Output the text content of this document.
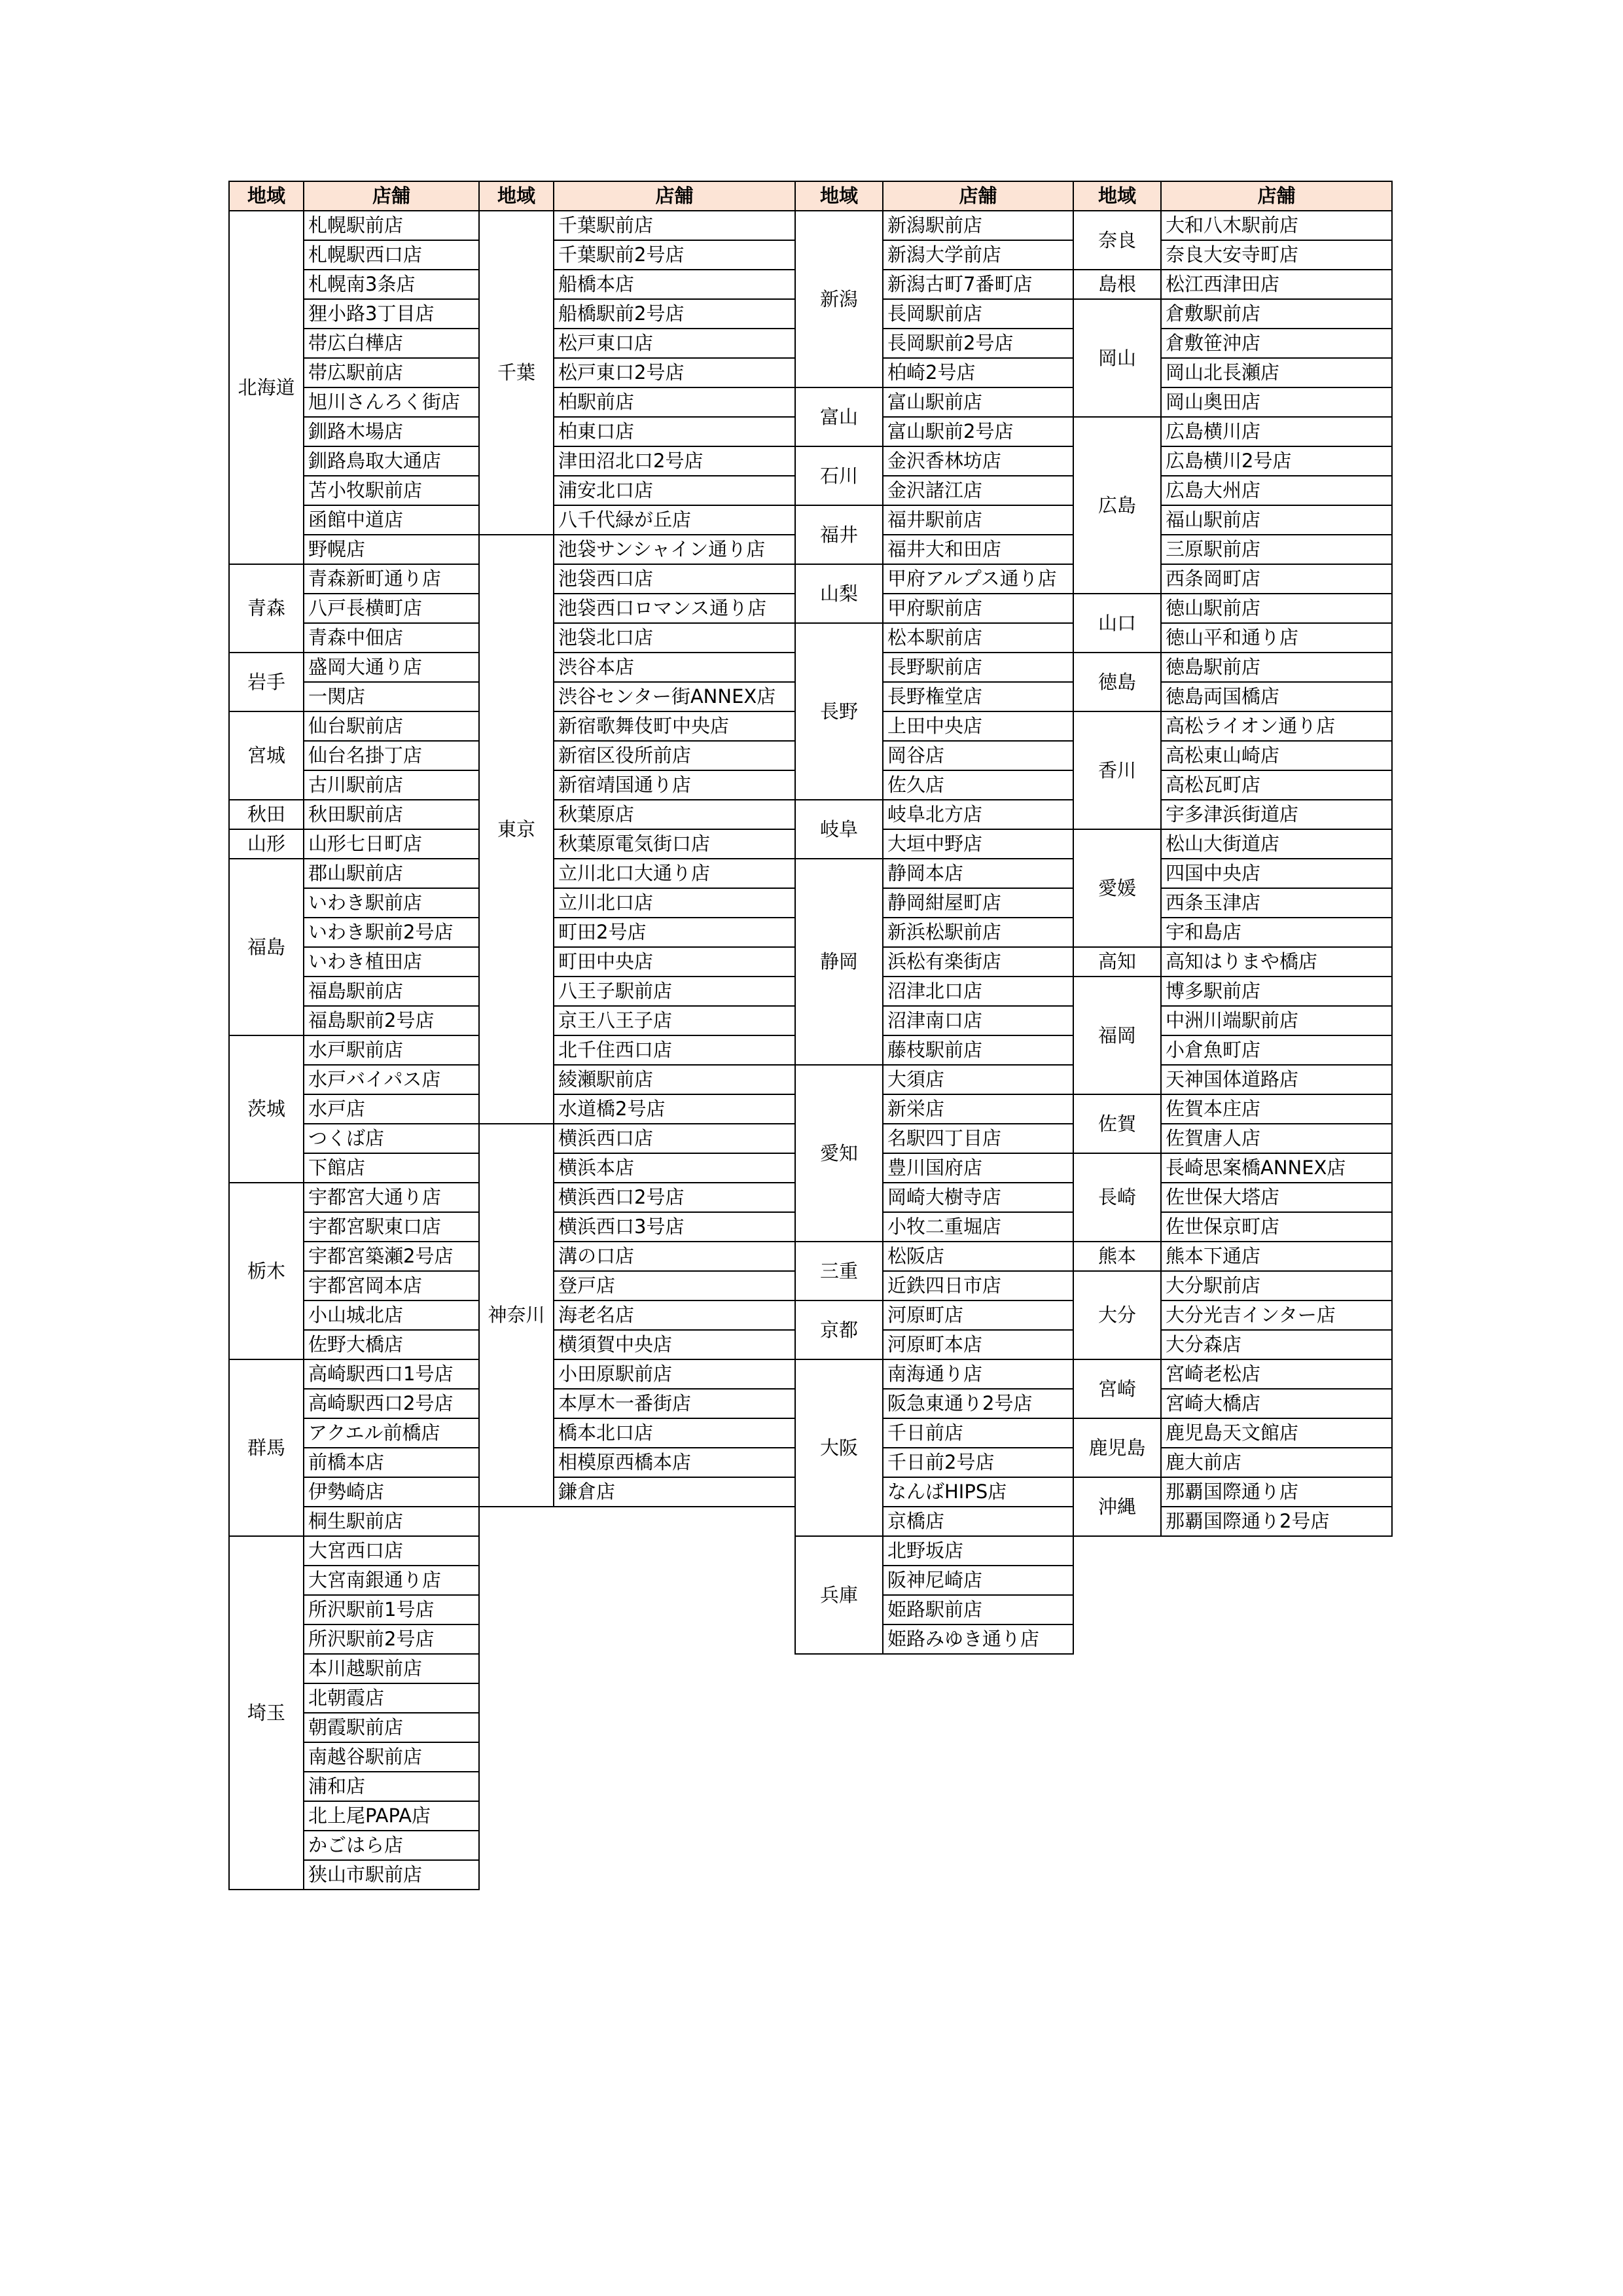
地域	店舗
北海道	札幌駅前店
	札幌駅西口店
	札幌南3条店
	狸小路3丁目店
	帯広白樺店
	帯広駅前店
	旭川さんろく街店
	釧路木場店
	釧路鳥取大通店
	苫小牧駅前店
	函館中道店
	野幌店
青森	青森新町通り店
	八戸長横町店
	青森中佃店
岩手	盛岡大通り店
	一関店
宮城	仙台駅前店
	仙台名掛丁店
	古川駅前店
秋田	秋田駅前店
山形	山形七日町店
福島	郡山駅前店
	いわき駅前店
	いわき駅前2号店
	いわき植田店
	福島駅前店
	福島駅前2号店
茨城	水戸駅前店
	水戸バイパス店
	水戸店
	つくば店
	下館店
栃木	宇都宮大通り店
	宇都宮駅東口店
	宇都宮築瀬2号店
	宇都宮岡本店
	小山城北店
	佐野大橋店
群馬	高崎駅西口1号店
	高崎駅西口2号店
	アクエル前橋店
	前橋本店
	伊勢崎店
	桐生駅前店
埼玉	大宮西口店
	大宮南銀通り店
	所沢駅前1号店
	所沢駅前2号店
	本川越駅前店
	北朝霞店
	朝霞駅前店
	南越谷駅前店
	浦和店
	北上尾PAPA店
	かごはら店
	狭山市駅前店
地域	店舗
千葉	千葉駅前店
	千葉駅前2号店
	船橋本店
	船橋駅前2号店
	松戸東口店
	松戸東口2号店
	柏駅前店
	柏東口店
	津田沼北口2号店
	浦安北口店
	八千代緑が丘店
東京	池袋サンシャイン通り店
	池袋西口店
	池袋西口ロマンス通り店
	池袋北口店
	渋谷本店
	渋谷センター街ANNEX店
	新宿歌舞伎町中央店
	新宿区役所前店
	新宿靖国通り店
	秋葉原店
	秋葉原電気街口店
	立川北口大通り店
	立川北口店
	町田2号店
	町田中央店
	八王子駅前店
	京王八王子店
	北千住西口店
	綾瀬駅前店
	水道橋2号店
神奈川	横浜西口店
	横浜本店
	横浜西口2号店
	横浜西口3号店
	溝の口店
	登戸店
	海老名店
	横須賀中央店
	小田原駅前店
	本厚木一番街店
	橋本北口店
	相模原西橋本店
	鎌倉店
地域	店舗
新潟	新潟駅前店
	新潟大学前店
	新潟古町7番町店
	長岡駅前店
	長岡駅前2号店
	柏崎2号店
富山	富山駅前店
	富山駅前2号店
石川	金沢香林坊店
	金沢諸江店
福井	福井駅前店
	福井大和田店
山梨	甲府アルプス通り店
	甲府駅前店
長野	松本駅前店
	長野駅前店
	長野権堂店
	上田中央店
	岡谷店
	佐久店
岐阜	岐阜北方店
	大垣中野店
静岡	静岡本店
	静岡紺屋町店
	新浜松駅前店
	浜松有楽街店
	沼津北口店
	沼津南口店
	藤枝駅前店
愛知	大須店
	新栄店
	名駅四丁目店
	豊川国府店
	岡崎大樹寺店
	小牧二重堀店
三重	松阪店
	近鉄四日市店
京都	河原町店
	河原町本店
大阪	南海通り店
	阪急東通り2号店
	千日前店
	千日前2号店
	なんばHIPS店
	京橋店
兵庫	北野坂店
	阪神尼崎店
	姫路駅前店
	姫路みゆき通り店
地域	店舗
奈良	大和八木駅前店
	奈良大安寺町店
島根	松江西津田店
岡山	倉敷駅前店
	倉敷笹沖店
	岡山北長瀬店
	岡山奥田店
広島	広島横川店
	広島横川2号店
	広島大州店
	福山駅前店
	三原駅前店
	西条岡町店
山口	徳山駅前店
	徳山平和通り店
徳島	徳島駅前店
	徳島両国橋店
香川	高松ライオン通り店
	高松東山崎店
	高松瓦町店
	宇多津浜街道店
愛媛	松山大街道店
	四国中央店
	西条玉津店
	宇和島店
高知	高知はりまや橋店
福岡	博多駅前店
	中洲川端駅前店
	小倉魚町店
	天神国体道路店
佐賀	佐賀本庄店
	佐賀唐人店
長崎	長崎思案橋ANNEX店
	佐世保大塔店
	佐世保京町店
熊本	熊本下通店
大分	大分駅前店
	大分光吉インター店
	大分森店
宮崎	宮崎老松店
	宮崎大橋店
鹿児島	鹿児島天文館店
	鹿大前店
沖縄	那覇国際通り店
	那覇国際通り2号店
